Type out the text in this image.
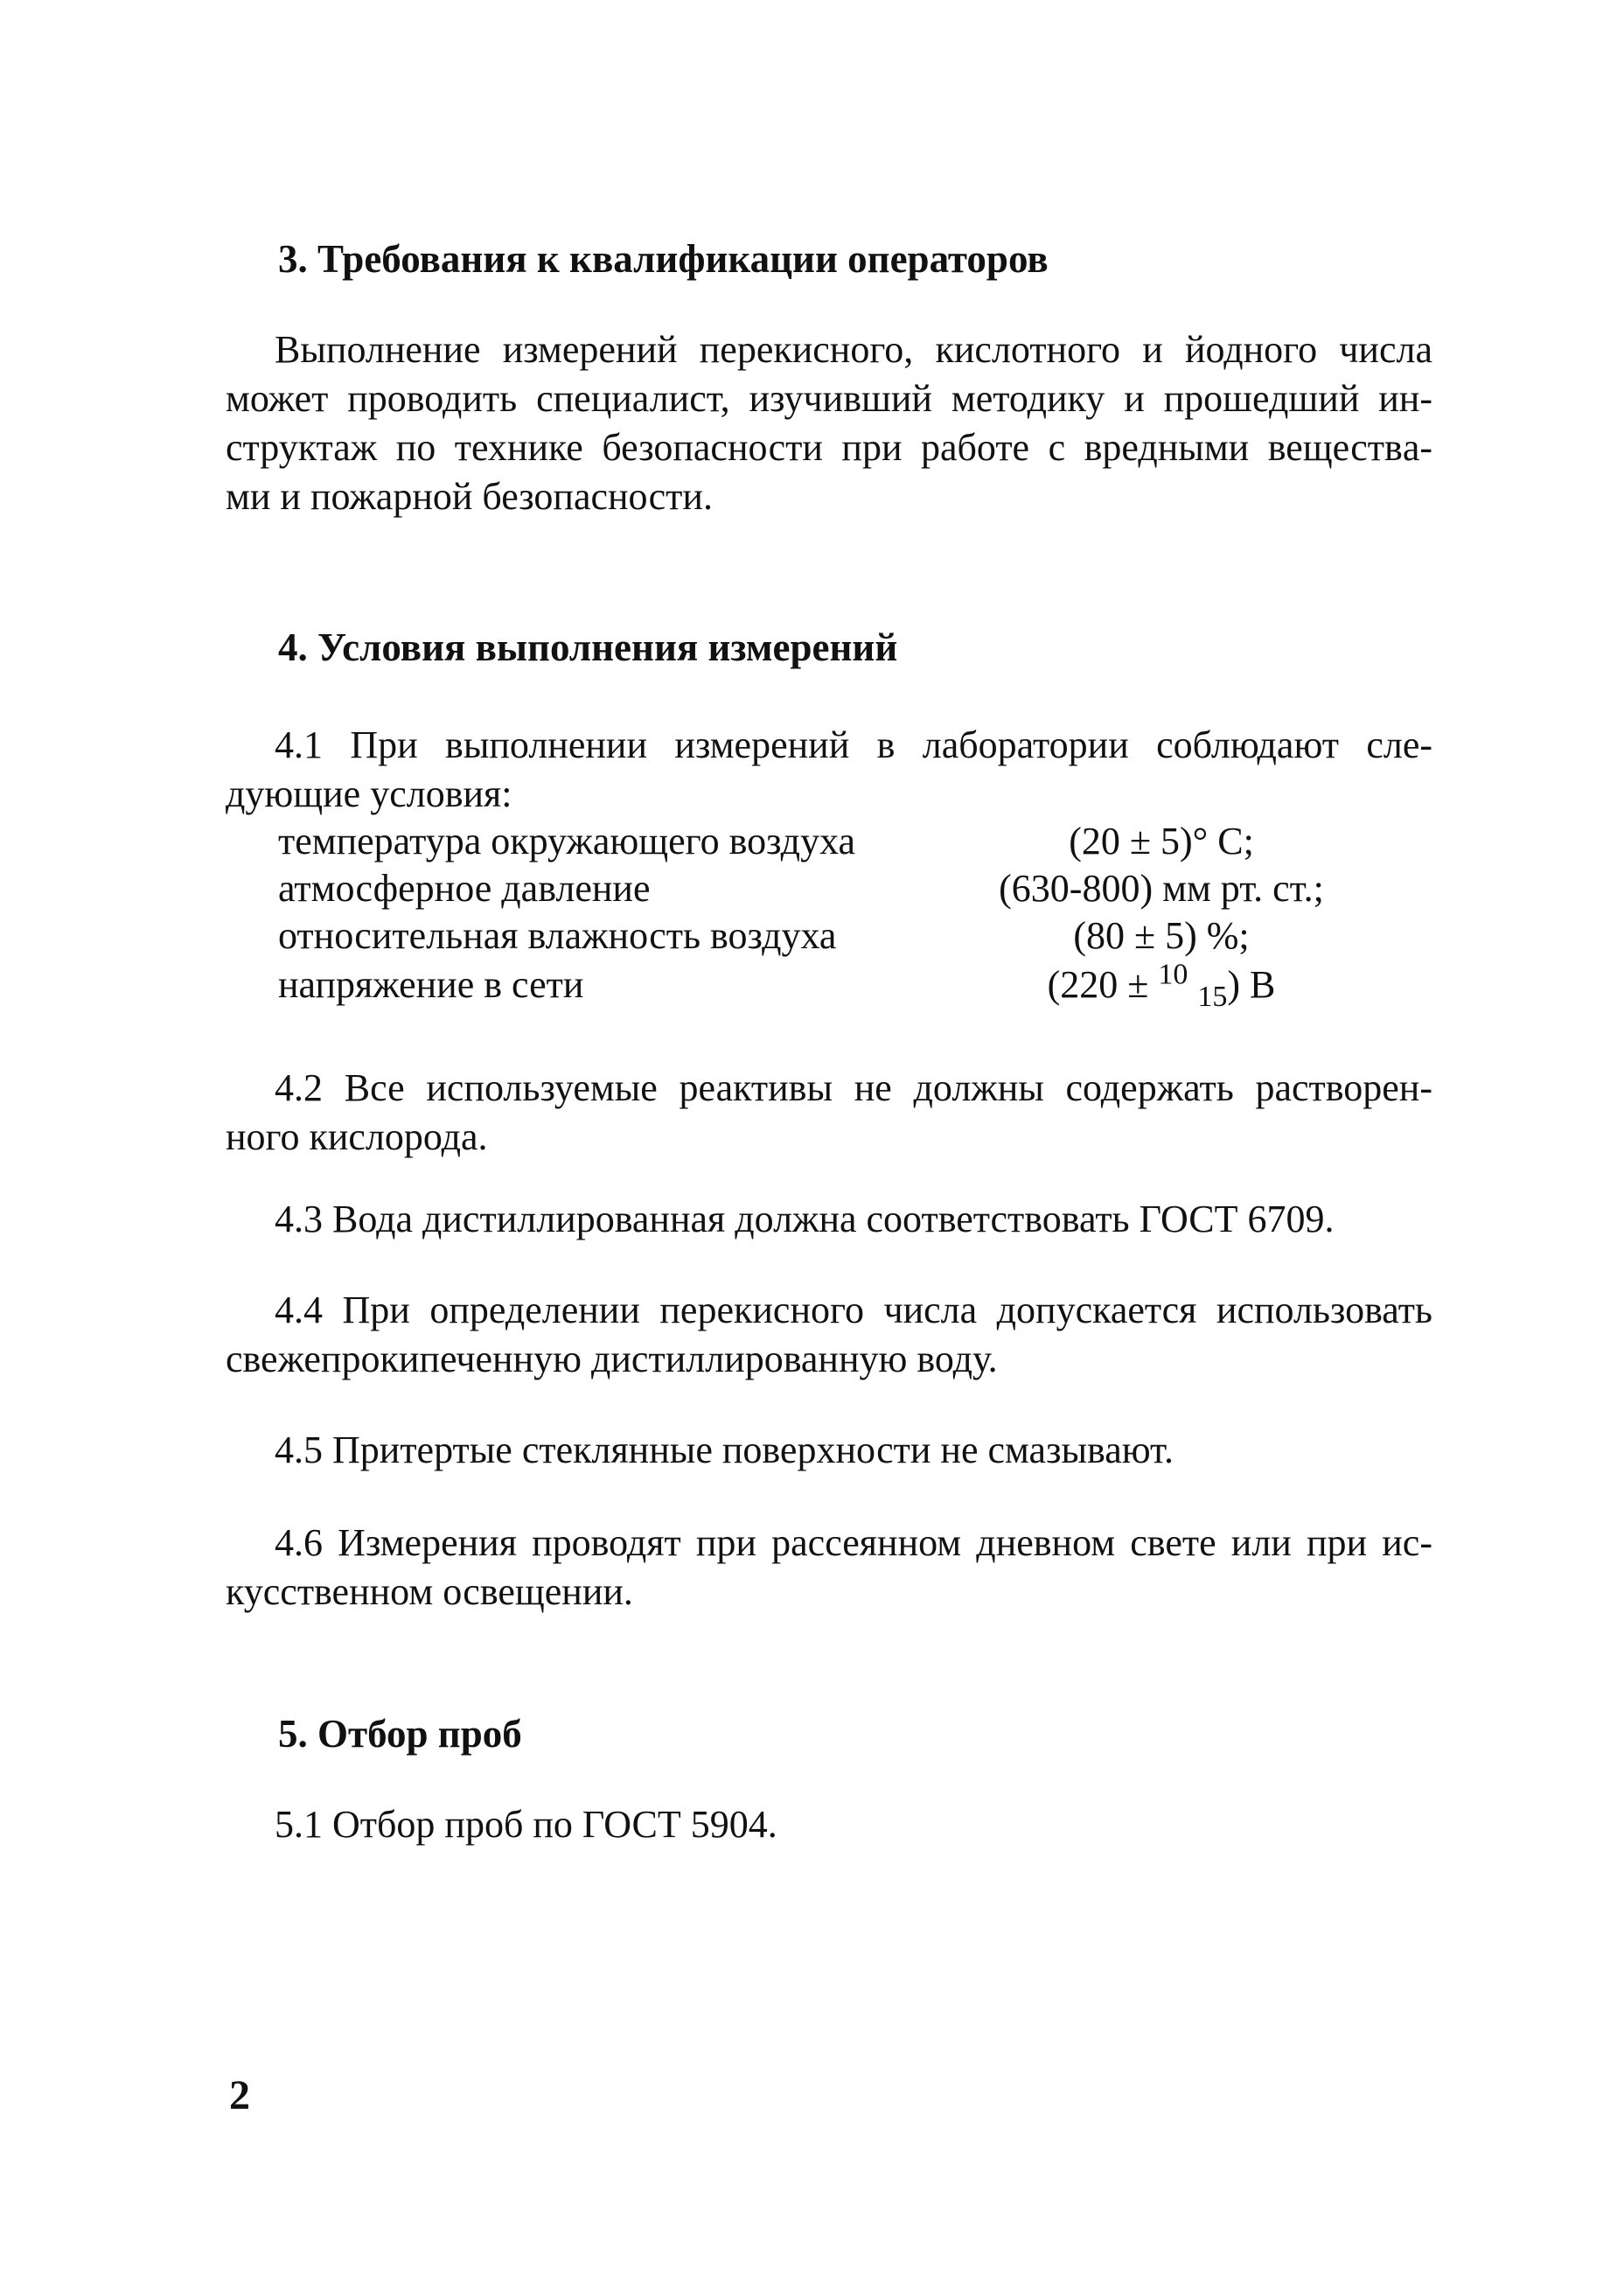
3. Требования к квалификации операторов
Выполнение измерений перекисного, кислотного и йодного числа
может проводить специалист, изучивший методику и прошедший ин-
структаж по технике безопасности при работе с вредными веществa-
ми и пожарной безопасности.
4. Условия выполнения измерений
4.1 При выполнении измерений в лаборатории соблюдают сле-
дующие условия:
температура окружающего воздуха	(20 ± 5)° С;
атмосферное давление	(630-800) мм рт. ст.;
относительная влажность воздуха	(80 ± 5) %;
напряжение в сети	(220 ± $^{10}$ $_{15}$) В
4.2 Все используемые реактивы не должны содержать растворен-
ного кислорода.
4.3 Вода дистиллированная должна соответствовать ГОСТ 6709.
4.4 При определении перекисного числа допускается использовать
свежепрокипеченную дистиллированную воду.
4.5 Притертые стеклянные поверхности не смазывают.
4.6 Измерения проводят при рассеянном дневном свете или при ис-
кусственном освещении.
5. Отбор проб
5.1 Отбор проб по ГОСТ 5904.
2
